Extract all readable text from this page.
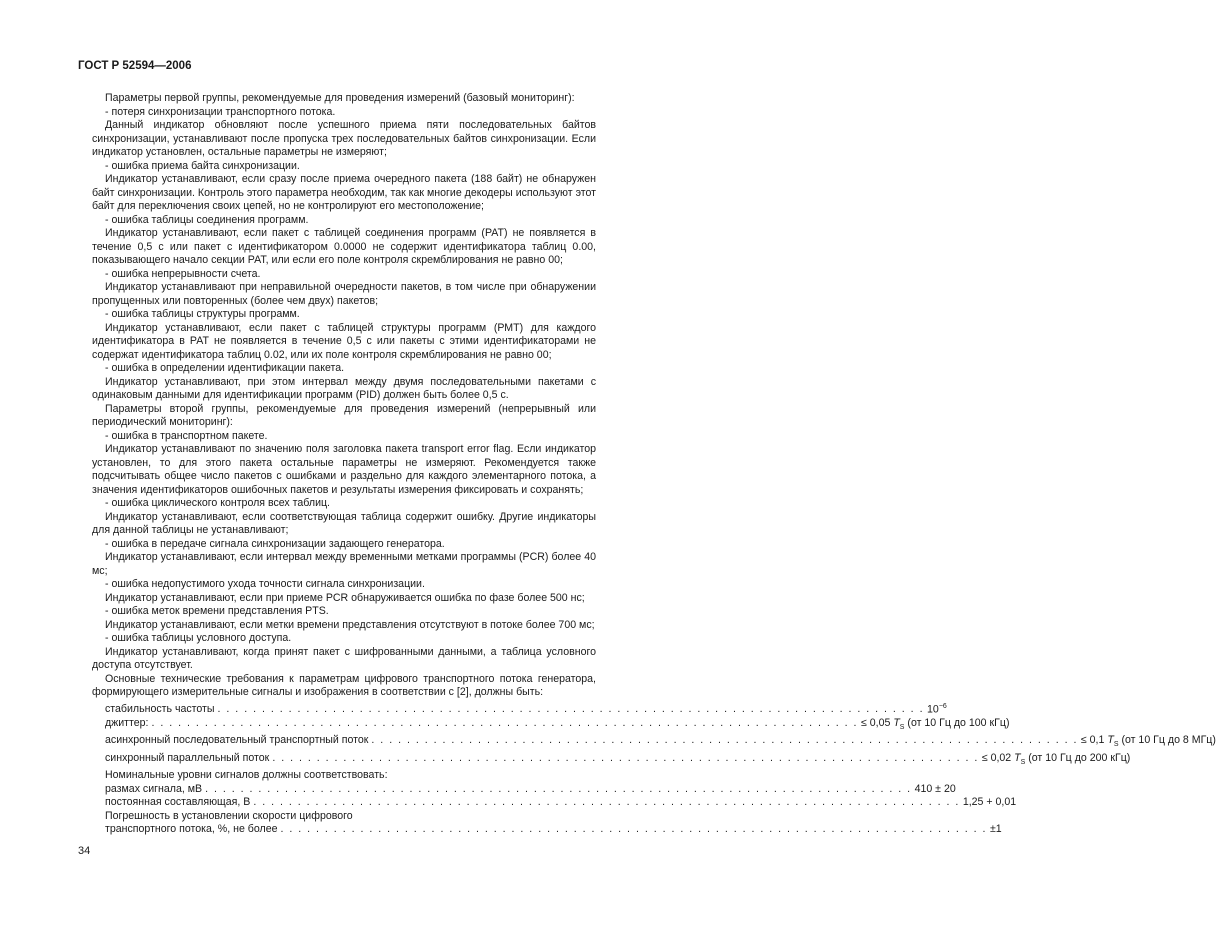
ГОСТ Р 52594—2006

Параметры первой группы, рекомендуемые для проведения измерений (базовый мониторинг):

- потеря синхронизации транспортного потока.

Данный индикатор обновляют после успешного приема пяти последовательных байтов синхронизации, устанавливают после пропуска трех последовательных байтов синхронизации. Если индикатор установлен, остальные параметры не измеряют;

- ошибка приема байта синхронизации.

Индикатор устанавливают, если сразу после приема очередного пакета (188 байт) не обнаружен байт синхронизации. Контроль этого параметра необходим, так как многие декодеры используют этот байт для переключения своих цепей, но не контролируют его местоположение;

- ошибка таблицы соединения программ.

Индикатор устанавливают, если пакет с таблицей соединения программ (РАТ) не появляется в течение 0,5 с или пакет с идентификатором 0.0000 не содержит идентификатора таблиц 0.00, показывающего начало секции РАТ, или если его поле контроля скремблирования не равно 00;

- ошибка непрерывности счета.

Индикатор устанавливают при неправильной очередности пакетов, в том числе при обнаружении пропущенных или повторенных (более чем двух) пакетов;

- ошибка таблицы структуры программ.

Индикатор устанавливают, если пакет с таблицей структуры программ (РМТ) для каждого идентификатора в РАТ не появляется в течение 0,5 с или пакеты с этими идентификаторами не содержат идентификатора таблиц 0.02, или их поле контроля скремблирования не равно 00;

- ошибка в определении идентификации пакета.

Индикатор устанавливают, при этом интервал между двумя последовательными пакетами с одинаковым данными для идентификации программ (PID) должен быть более 0,5 с.

Параметры второй группы, рекомендуемые для проведения измерений (непрерывный или периодический мониторинг):

- ошибка в транспортном пакете.

Индикатор устанавливают по значению поля заголовка пакета transport error flag. Если индикатор установлен, то для этого пакета остальные параметры не измеряют. Рекомендуется также подсчитывать общее число пакетов с ошибками и раздельно для каждого элементарного потока, а значения идентификаторов ошибочных пакетов и результаты измерения фиксировать и сохранять;

- ошибка циклического контроля всех таблиц.

Индикатор устанавливают, если соответствующая таблица содержит ошибку. Другие индикаторы для данной таблицы не устанавливают;

- ошибка в передаче сигнала синхронизации задающего генератора.

Индикатор устанавливают, если интервал между временными метками программы (PCR) более 40 мс;

- ошибка недопустимого ухода точности сигнала синхронизации.

Индикатор устанавливают, если при приеме PCR обнаруживается ошибка по фазе более 500 нс;

- ошибка меток времени представления PTS.

Индикатор устанавливают, если метки времени представления отсутствуют в потоке более 700 мс;

- ошибка таблицы условного доступа.

Индикатор устанавливают, когда принят пакет с шифрованными данными, а таблица условного доступа отсутствует.

Основные технические требования к параметрам цифрового транспортного потока генератора, формирующего измерительные сигналы и изображения в соответствии с [2], должны быть:

стабильность частоты . . . . . . . . . . . . . . . . . . . . . . . . . . . . . . . . . . . . . . . . . . . . . . . . . . . . . . . . . . . . . . . . . . . . . . . . . . . . . . . . $10^{-6}$
джиттер: . . . . . . . . . . . . . . . . . . . . . . . . . . . . . . . . . . . . . . . . . . . . . . . . . . . . . . . . . . . . . . . . . . . . . . . . . . . . . . . . ≤ 0,05 $T_S$ (от 10 Гц до 100 кГц)
асинхронный последовательный транспортный поток . . . . . . . . . . . . . . . . . . . . . . . . . . . . . . . . . . . . . . . . . . . . . . . . . . . . . . . . . . . . . . . . . . . . . . . . . . . . . . . . ≤ 0,1 $T_S$ (от 10 Гц до 8 МГц)
синхронный параллельный поток . . . . . . . . . . . . . . . . . . . . . . . . . . . . . . . . . . . . . . . . . . . . . . . . . . . . . . . . . . . . . . . . . . . . . . . . . . . . . . . . ≤ 0,02 $T_S$ (от 10 Гц до 200 кГц)
Номинальные уровни сигналов должны соответствовать:
размах сигнала, мВ . . . . . . . . . . . . . . . . . . . . . . . . . . . . . . . . . . . . . . . . . . . . . . . . . . . . . . . . . . . . . . . . . . . . . . . . . . . . . . . . 410 ± 20
постоянная составляющая, В . . . . . . . . . . . . . . . . . . . . . . . . . . . . . . . . . . . . . . . . . . . . . . . . . . . . . . . . . . . . . . . . . . . . . . . . . . . . . . . . 1,25 + 0,01
Погрешность в установлении скорости цифрового
транспортного потока, %, не более . . . . . . . . . . . . . . . . . . . . . . . . . . . . . . . . . . . . . . . . . . . . . . . . . . . . . . . . . . . . . . . . . . . . . . . . . . . . . . . . ±1
34
